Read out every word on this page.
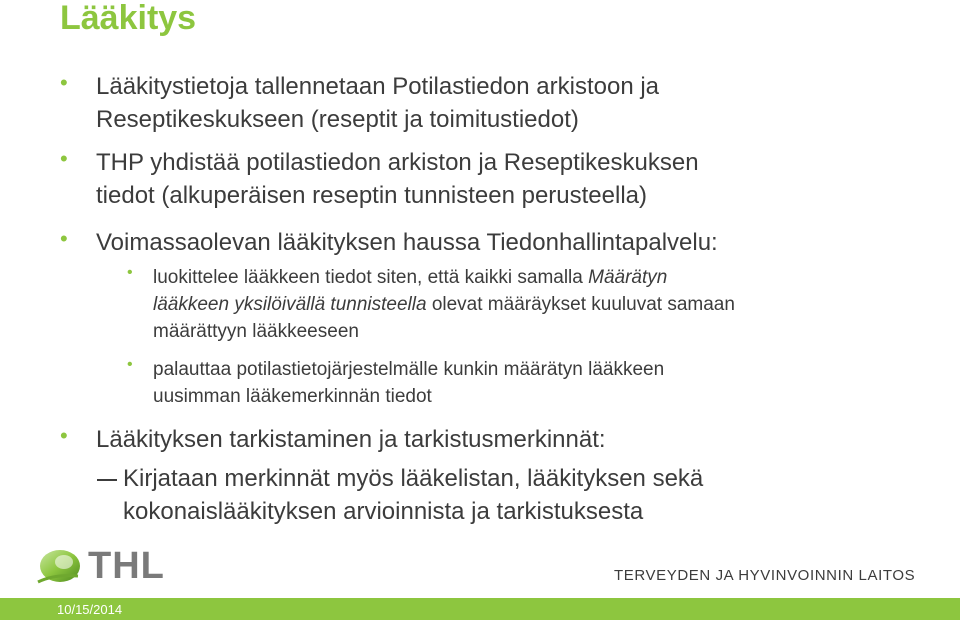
Lääkitys
• Lääkitystietoja tallennetaan Potilastiedon arkistoon ja
Reseptikeskukseen (reseptit ja toimitustiedot)
• THP yhdistää potilastiedon arkiston ja Reseptikeskuksen
tiedot (alkuperäisen reseptin tunnisteen perusteella)
• Voimassaolevan lääkityksen haussa Tiedonhallintapalvelu:
• luokittelee lääkkeen tiedot siten, että kaikki samalla Määrätyn
lääkkeen yksilöivällä tunnisteella olevat määräykset kuuluvat samaan
määrättyyn lääkkeeseen
• palauttaa potilastietojärjestelmälle kunkin määrätyn lääkkeen
uusimman lääkemerkinnän tiedot
• Lääkityksen tarkistaminen ja tarkistusmerkinnät:
Kirjataan merkinnät myös lääkelistan, lääkityksen sekä
kokonaislääkityksen arvioinnista ja tarkistuksesta
THL	TERVEYDEN JA HYVINVOINNIN LAITOS
10/15/2014
